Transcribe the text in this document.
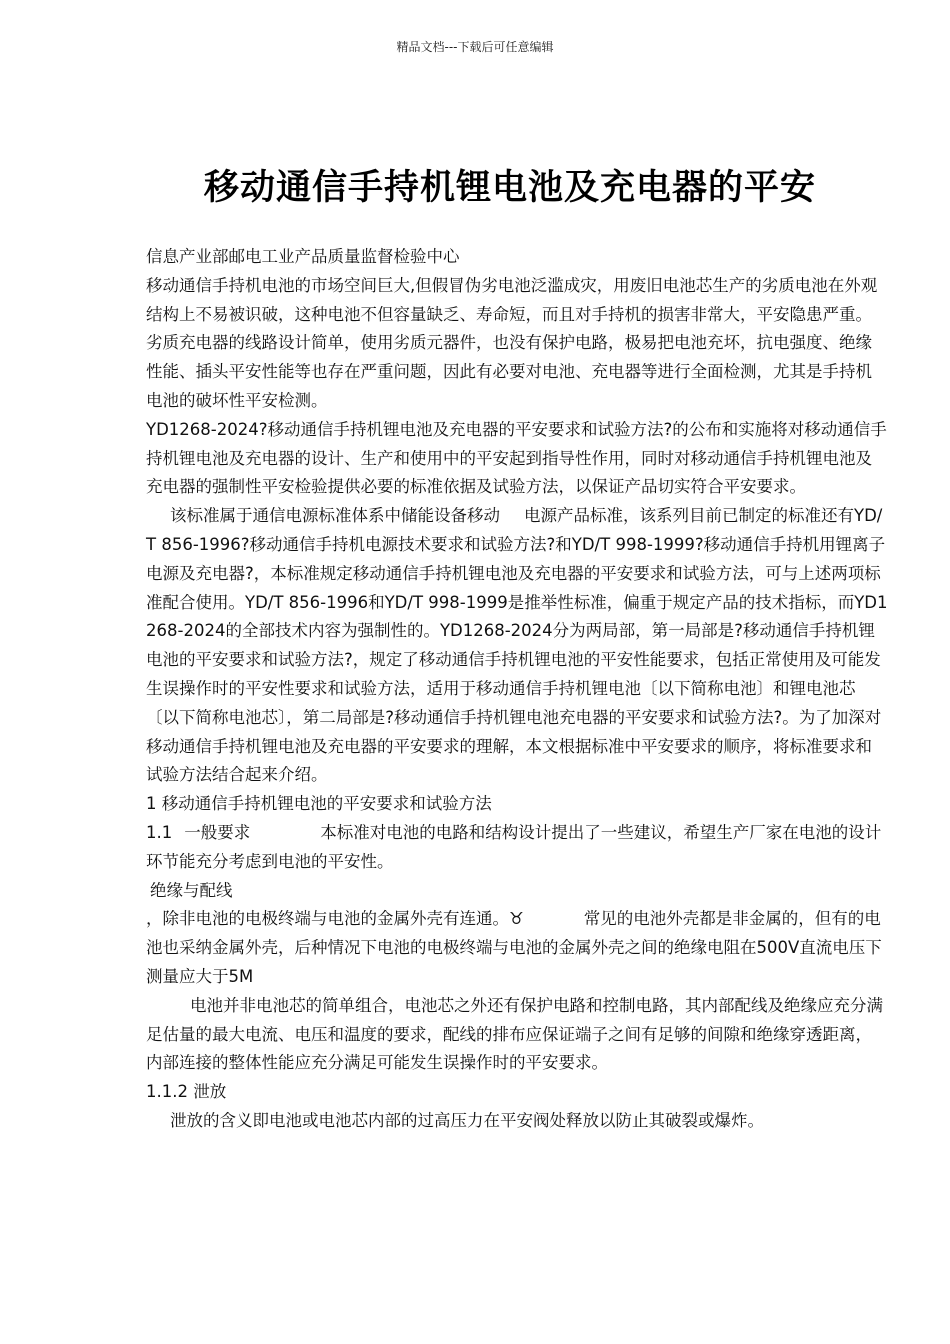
精品文档---下载后可任意编辑
移动通信手持机锂电池及充电器的平安

信息产业部邮电工业产品质量监督检验中心

移动通信手持机电池的市场空间巨大,但假冒伪劣电池泛滥成灾，用废旧电池芯生产的劣质电池在外观结构上不易被识破，这种电池不但容量缺乏、寿命短，而且对手持机的损害非常大，平安隐患严重。劣质充电器的线路设计简单，使用劣质元器件，也没有保护电路，极易把电池充坏，抗电强度、绝缘性能、插头平安性能等也存在严重问题，因此有必要对电池、充电器等进行全面检测，尤其是手持机电池的破坏性平安检测。

YD1268-2024?移动通信手持机锂电池及充电器的平安要求和试验方法?的公布和实施将对移动通信手持机锂电池及充电器的设计、生产和使用中的平安起到指导性作用，同时对移动通信手持机锂电池及充电器的强制性平安检验提供必要的标准依据及试验方法，以保证产品切实符合平安要求。

该标准属于通信电源标准体系中储能设备移动 电源产品标准，该系列目前已制定的标准还有YD/T 856-1996?移动通信手持机电源技术要求和试验方法?和YD/T 998-1999?移动通信手持机用锂离子电源及充电器?，本标准规定移动通信手持机锂电池及充电器的平安要求和试验方法，可与上述两项标准配合使用。YD/T 856-1996和YD/T 998-1999是推举性标准，偏重于规定产品的技术指标，而YD1268-2024的全部技术内容为强制性的。YD1268-2024分为两局部，第一局部是?移动通信手持机锂电池的平安要求和试验方法?，规定了移动通信手持机锂电池的平安性能要求，包括正常使用及可能发生误操作时的平安性要求和试验方法，适用于移动通信手持机锂电池〔以下简称电池〕和锂电池芯〔以下简称电池芯〕，第二局部是?移动通信手持机锂电池充电器的平安要求和试验方法?。为了加深对移动通信手持机锂电池及充电器的平安要求的理解，本文根据标准中平安要求的顺序，将标准要求和试验方法结合起来介绍。

1 移动通信手持机锂电池的平安要求和试验方法

1.1 一般要求	本标准对电池的电路和结构设计提出了一些建议，希望生产厂家在电池的设计环节能充分考虑到电池的平安性。

绝缘与配线

，除非电池的电极终端与电池的金属外壳有连通。♉	常见的电池外壳都是非金属的，但有的电池也采纳金属外壳，后种情况下电池的电极终端与电池的金属外壳之间的绝缘电阻在500V直流电压下测量应大于5M

电池并非电池芯的简单组合，电池芯之外还有保护电路和控制电路，其内部配线及绝缘应充分满足估量的最大电流、电压和温度的要求，配线的排布应保证端子之间有足够的间隙和绝缘穿透距离，内部连接的整体性能应充分满足可能发生误操作时的平安要求。

1.1.2 泄放

泄放的含义即电池或电池芯内部的过高压力在平安阀处释放以防止其破裂或爆炸。
